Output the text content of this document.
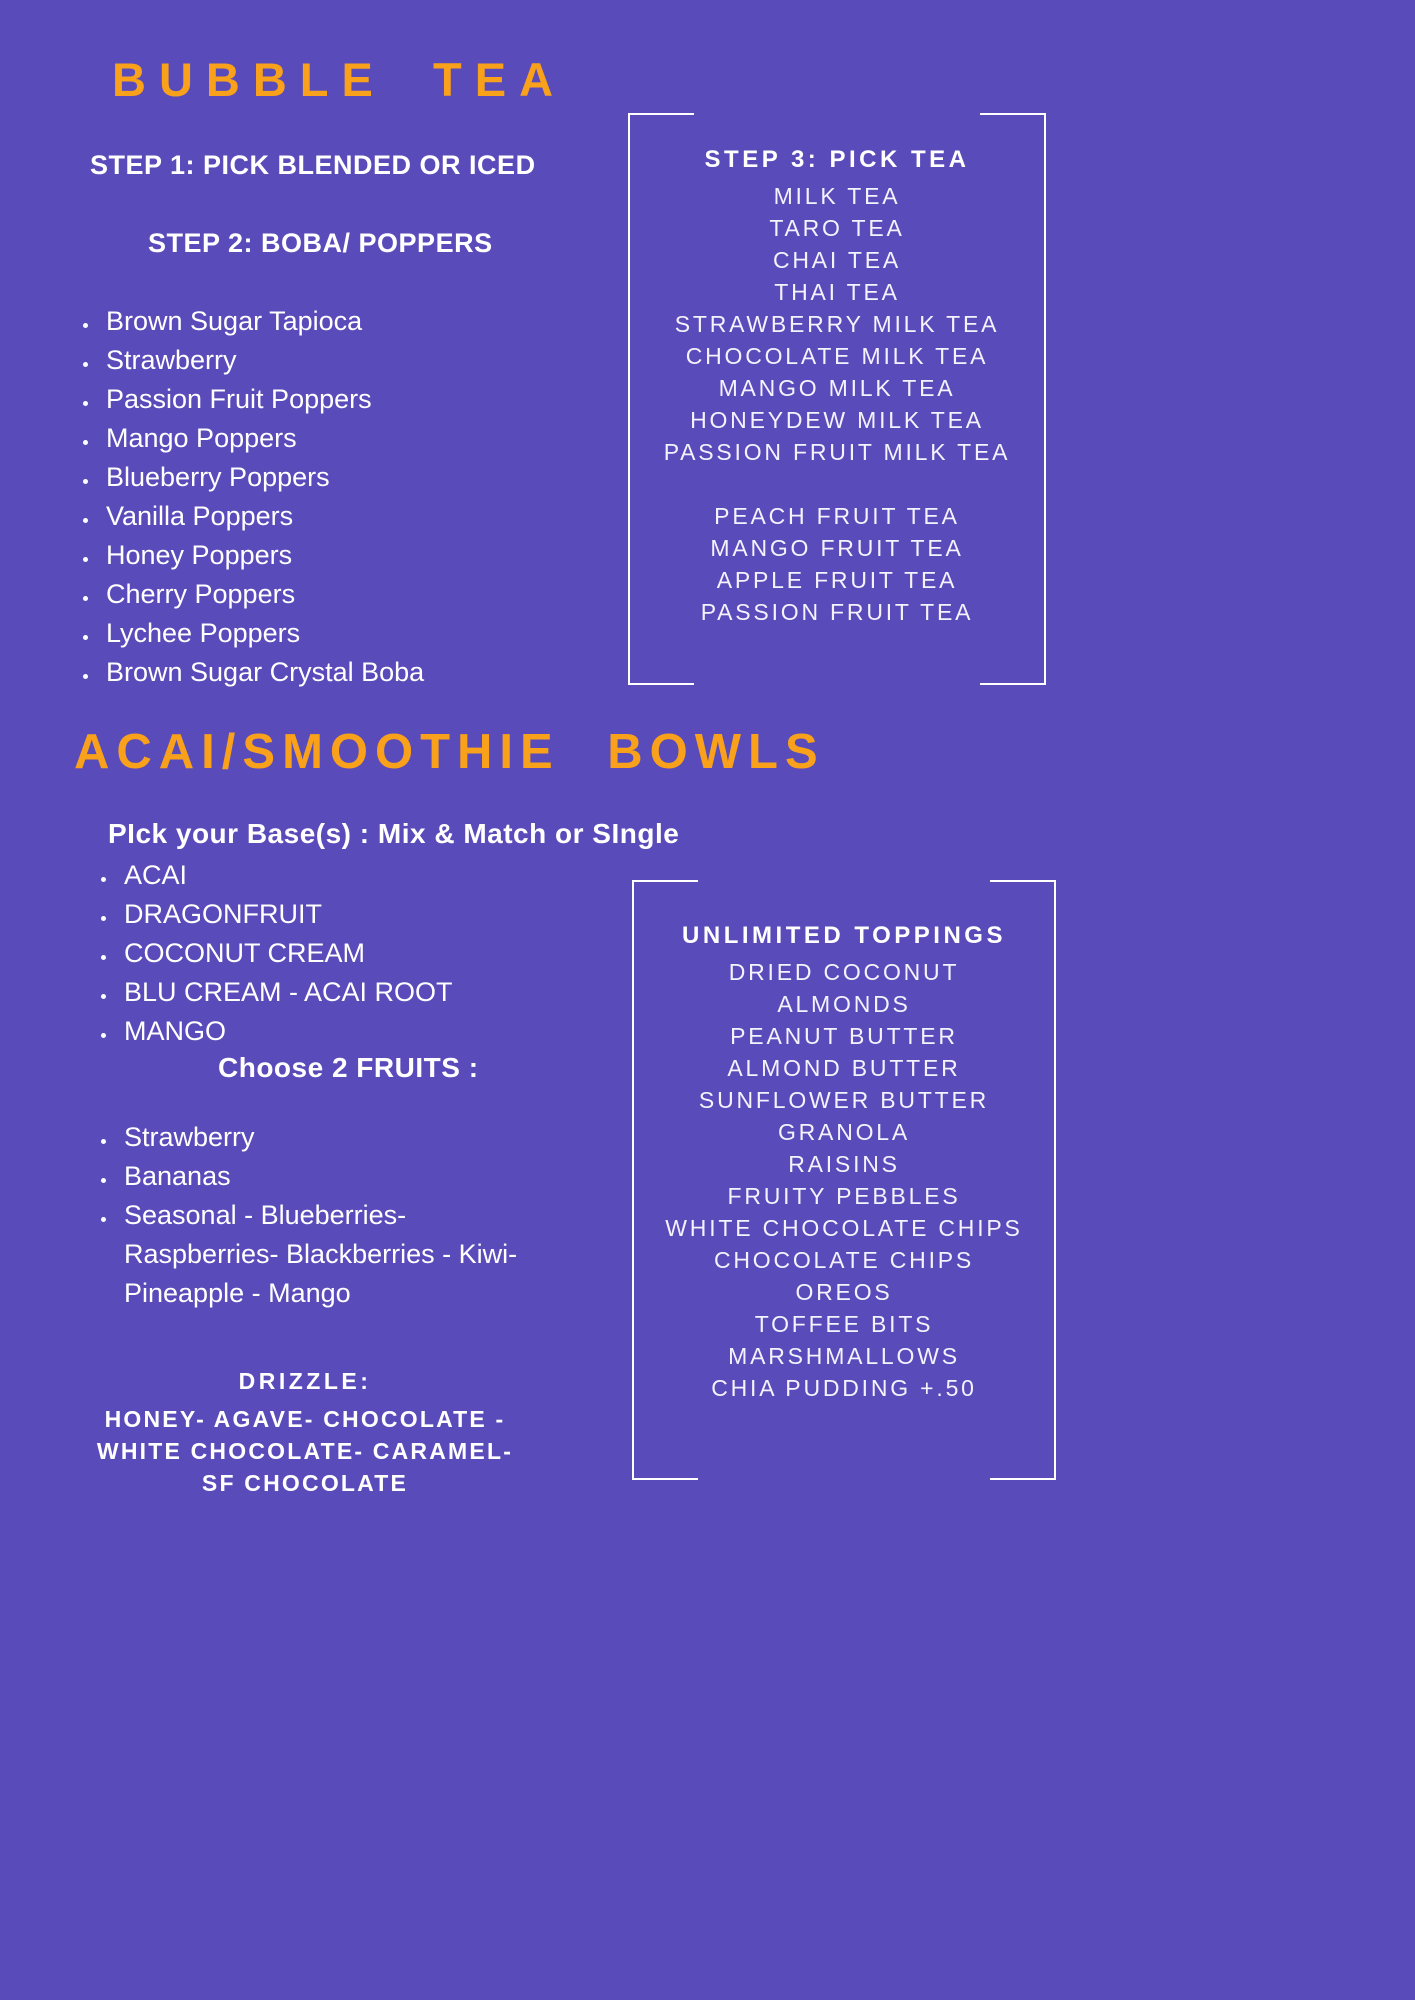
BUBBLE TEA
STEP 1: PICK BLENDED OR ICED
STEP 2: BOBA/ POPPERS
• Brown Sugar Tapioca
• Strawberry
• Passion Fruit Poppers
• Mango Poppers
• Blueberry Poppers
• Vanilla Poppers
• Honey Poppers
• Cherry Poppers
• Lychee Poppers
• Brown Sugar Crystal Boba
STEP 3: PICK TEA
MILK TEA
TARO TEA
CHAI TEA
THAI TEA
STRAWBERRY MILK TEA
CHOCOLATE MILK TEA
MANGO MILK TEA
HONEYDEW MILK TEA
PASSION FRUIT MILK TEA
PEACH FRUIT TEA
MANGO FRUIT TEA
APPLE FRUIT TEA
PASSION FRUIT TEA
ACAI/SMOOTHIE BOWLS
PIck your Base(s) : Mix & Match or SIngle
• ACAI
• DRAGONFRUIT
• COCONUT CREAM
• BLU CREAM - ACAI ROOT
• MANGO
Choose 2 FRUITS :
• Strawberry
• Bananas
• Seasonal - Blueberries- Raspberries- Blackberries - Kiwi- Pineapple - Mango
DRIZZLE:
HONEY- AGAVE- CHOCOLATE -
WHITE CHOCOLATE- CARAMEL-
SF CHOCOLATE
UNLIMITED TOPPINGS
DRIED COCONUT
ALMONDS
PEANUT BUTTER
ALMOND BUTTER
SUNFLOWER BUTTER
GRANOLA
RAISINS
FRUITY PEBBLES
WHITE CHOCOLATE CHIPS
CHOCOLATE CHIPS
OREOS
TOFFEE BITS
MARSHMALLOWS
CHIA PUDDING +.50
